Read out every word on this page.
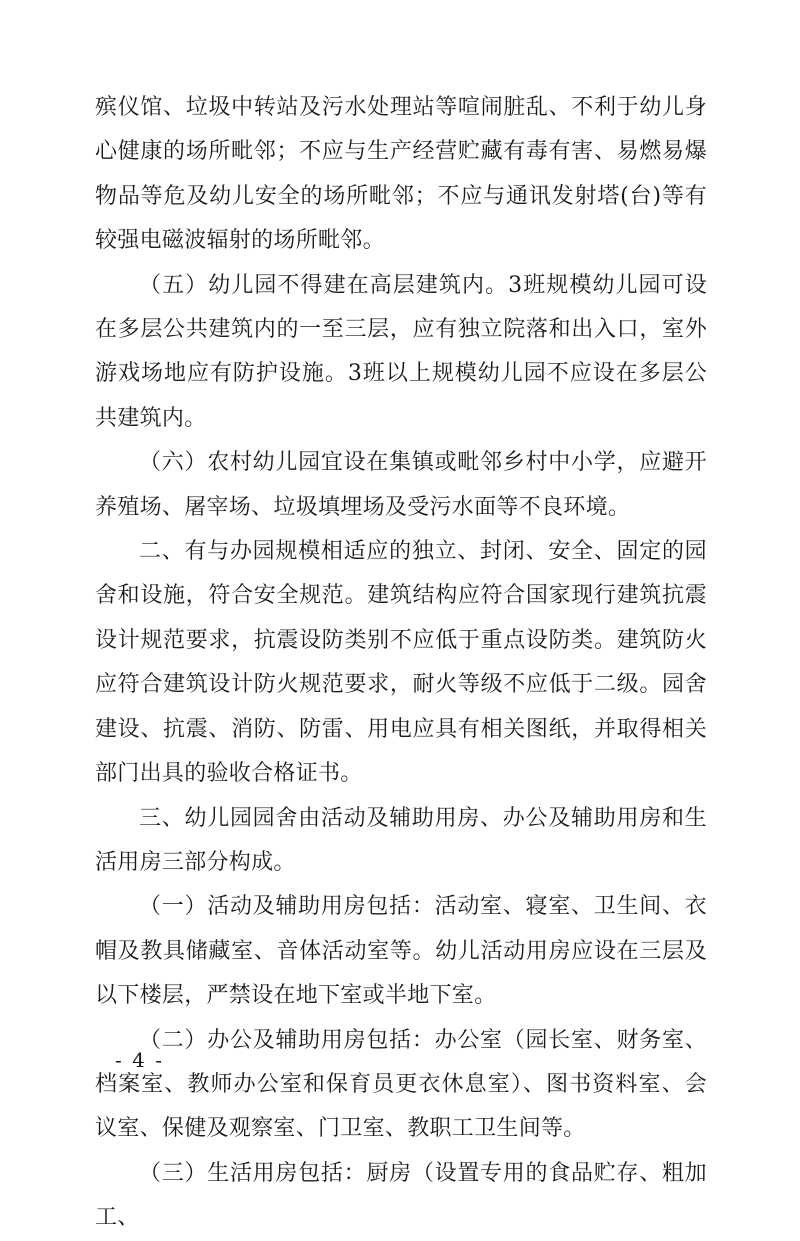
殡仪馆、垃圾中转站及污水处理站等喧闹脏乱、不利于幼儿身心健康的场所毗邻；不应与生产经营贮藏有毒有害、易燃易爆物品等危及幼儿安全的场所毗邻；不应与通讯发射塔(台)等有较强电磁波辐射的场所毗邻。

（五）幼儿园不得建在高层建筑内。3班规模幼儿园可设在多层公共建筑内的一至三层，应有独立院落和出入口，室外游戏场地应有防护设施。3班以上规模幼儿园不应设在多层公共建筑内。

（六）农村幼儿园宜设在集镇或毗邻乡村中小学，应避开养殖场、屠宰场、垃圾填埋场及受污水面等不良环境。

二、有与办园规模相适应的独立、封闭、安全、固定的园舍和设施，符合安全规范。建筑结构应符合国家现行建筑抗震设计规范要求，抗震设防类别不应低于重点设防类。建筑防火应符合建筑设计防火规范要求，耐火等级不应低于二级。园舍建设、抗震、消防、防雷、用电应具有相关图纸，并取得相关部门出具的验收合格证书。

三、幼儿园园舍由活动及辅助用房、办公及辅助用房和生活用房三部分构成。

（一）活动及辅助用房包括：活动室、寝室、卫生间、衣帽及教具储藏室、音体活动室等。幼儿活动用房应设在三层及以下楼层，严禁设在地下室或半地下室。

（二）办公及辅助用房包括：办公室（园长室、财务室、档案室、教师办公室和保育员更衣休息室）、图书资料室、会议室、保健及观察室、门卫室、教职工卫生间等。

（三）生活用房包括：厨房（设置专用的食品贮存、粗加工、

- 4 -
